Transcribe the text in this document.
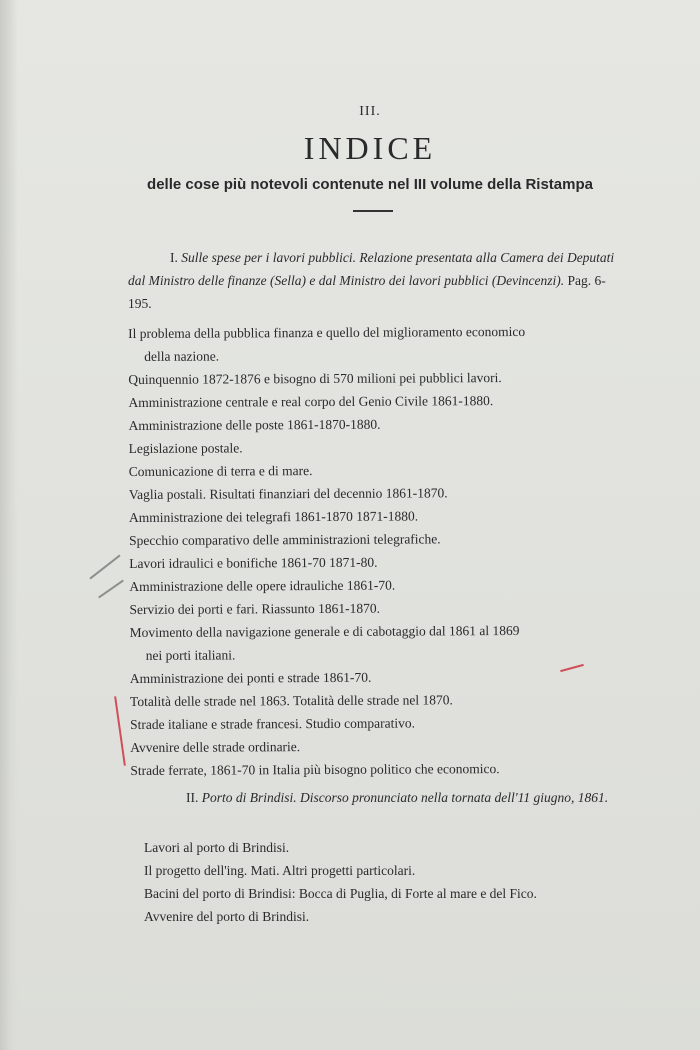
III.
INDICE
delle cose più notevoli contenute nel III volume della Ristampa
I. Sulle spese per i lavori pubblici. Relazione presentata alla Camera dei Deputati dal Ministro delle finanze (Sella) e dal Ministro dei lavori pubblici (Devincenzi). Pag. 6-195.
Il problema della pubblica finanza e quello del miglioramento economico
della nazione.
Quinquennio 1872-1876 e bisogno di 570 milioni pei pubblici lavori.
Amministrazione centrale e real corpo del Genio Civile 1861-1880.
Amministrazione delle poste 1861-1870-1880.
Legislazione postale.
Comunicazione di terra e di mare.
Vaglia postali. Risultati finanziari del decennio 1861-1870.
Amministrazione dei telegrafi 1861-1870 1871-1880.
Specchio comparativo delle amministrazioni telegrafiche.
Lavori idraulici e bonifiche 1861-70 1871-80.
Amministrazione delle opere idrauliche 1861-70.
Servizio dei porti e fari. Riassunto 1861-1870.
Movimento della navigazione generale e di cabotaggio dal 1861 al 1869
nei porti italiani.
Amministrazione dei ponti e strade 1861-70.
Totalità delle strade nel 1863. Totalità delle strade nel 1870.
Strade italiane e strade francesi. Studio comparativo.
Avvenire delle strade ordinarie.
Strade ferrate, 1861-70 in Italia più bisogno politico che economico.
II. Porto di Brindisi. Discorso pronunciato nella tornata dell'11 giugno, 1861.
Lavori al porto di Brindisi.
Il progetto dell'ing. Mati. Altri progetti particolari.
Bacini del porto di Brindisi: Bocca di Puglia, di Forte al mare e del Fico.
Avvenire del porto di Brindisi.
